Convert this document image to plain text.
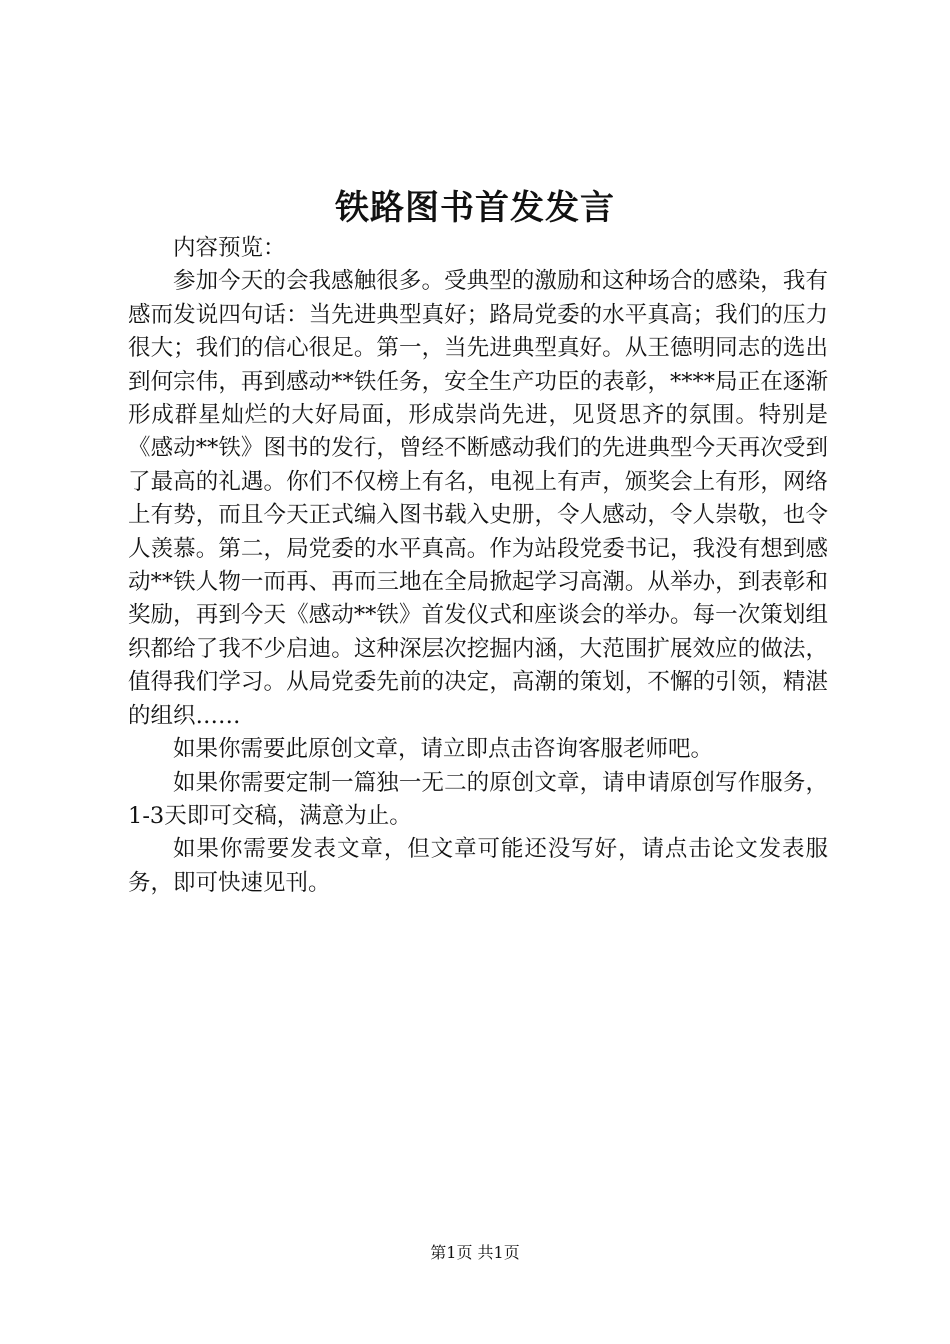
铁路图书首发发言

内容预览：

参加今天的会我感触很多。受典型的激励和这种场合的感染，我有感而发说四句话：当先进典型真好；路局党委的水平真高；我们的压力很大；我们的信心很足。第一，当先进典型真好。从王德明同志的选出到何宗伟，再到感动**铁任务，安全生产功臣的表彰，****局正在逐渐形成群星灿烂的大好局面，形成崇尚先进，见贤思齐的氛围。特别是《感动**铁》图书的发行，曾经不断感动我们的先进典型今天再次受到了最高的礼遇。你们不仅榜上有名，电视上有声，颁奖会上有形，网络上有势，而且今天正式编入图书载入史册，令人感动，令人崇敬，也令人羡慕。第二，局党委的水平真高。作为站段党委书记，我没有想到感动**铁人物一而再、再而三地在全局掀起学习高潮。从举办，到表彰和奖励，再到今天《感动**铁》首发仪式和座谈会的举办。每一次策划组织都给了我不少启迪。这种深层次挖掘内涵，大范围扩展效应的做法，值得我们学习。从局党委先前的决定，高潮的策划，不懈的引领，精湛的组织……

如果你需要此原创文章，请立即点击咨询客服老师吧。

如果你需要定制一篇独一无二的原创文章，请申请原创写作服务，1-3天即可交稿，满意为止。

如果你需要发表文章，但文章可能还没写好，请点击论文发表服务，即可快速见刊。

第1页 共1页
